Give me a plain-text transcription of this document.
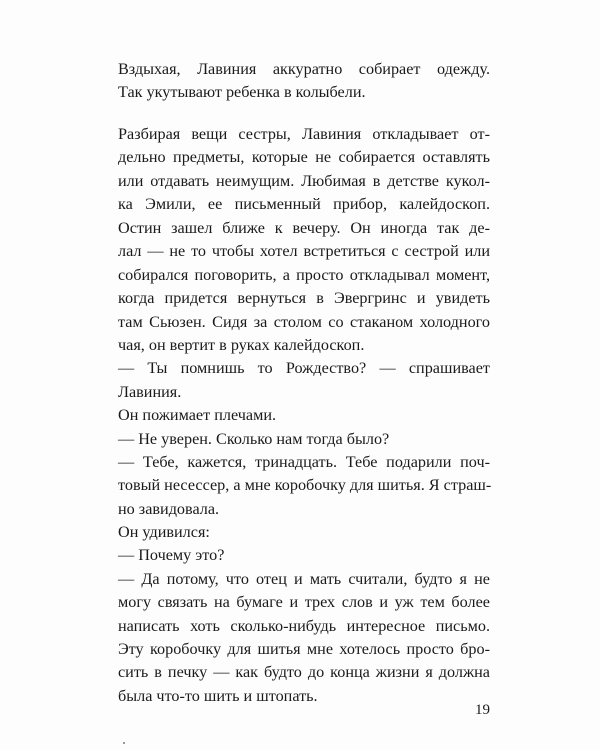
Вздыхая, Лавиния аккуратно собирает одежду.
Так укутывают ребенка в колыбели.
Разбирая вещи сестры, Лавиния откладывает от-
дельно предметы, которые не собирается оставлять
или отдавать неимущим. Любимая в детстве кукол-
ка Эмили, ее письменный прибор, калейдоскоп.
Остин зашел ближе к вечеру. Он иногда так де-
лал — не то чтобы хотел встретиться с сестрой или
собирался поговорить, а просто откладывал момент,
когда придется вернуться в Эвергринс и увидеть
там Сьюзен. Сидя за столом со стаканом холодного
чая, он вертит в руках калейдоскоп.
— Ты помнишь то Рождество? — спрашивает
Лавиния.
Он пожимает плечами.
— Не уверен. Сколько нам тогда было?
— Тебе, кажется, тринадцать. Тебе подарили поч-
товый несессер, а мне коробочку для шитья. Я страш-
но завидовала.
Он удивился:
— Почему это?
— Да потому, что отец и мать считали, будто я не
могу связать на бумаге и трех слов и уж тем более
написать хоть сколько-нибудь интересное письмо.
Эту коробочку для шитья мне хотелось просто бро-
сить в печку — как будто до конца жизни я должна
была что-то шить и штопать.
19
